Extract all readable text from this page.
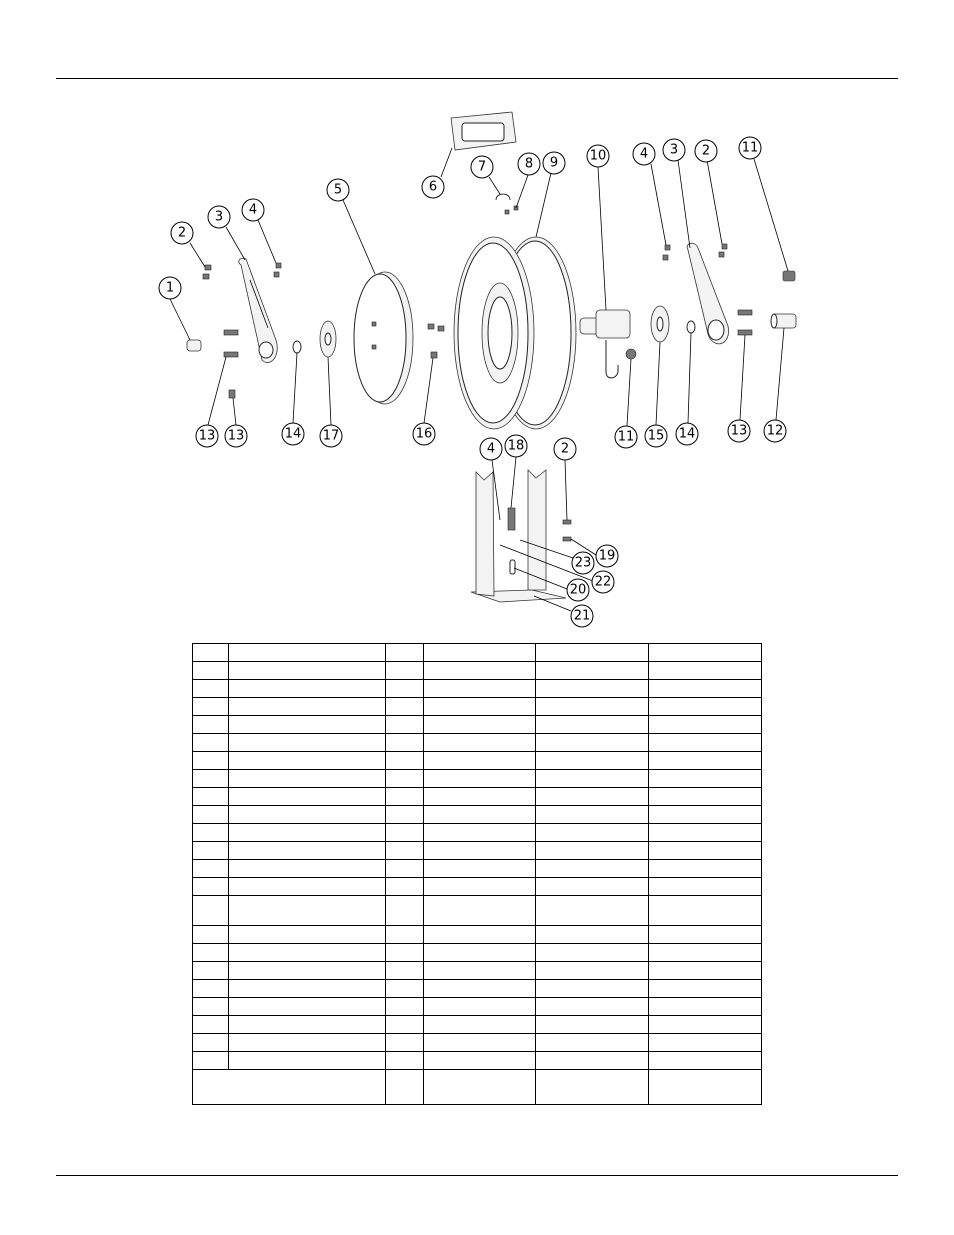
1
2
3 4
5	6
7	8 9 10	4 3 2 11
13 13	14 17	16	11 15 14	13 12
4 18	2
19
23
22
20
21
